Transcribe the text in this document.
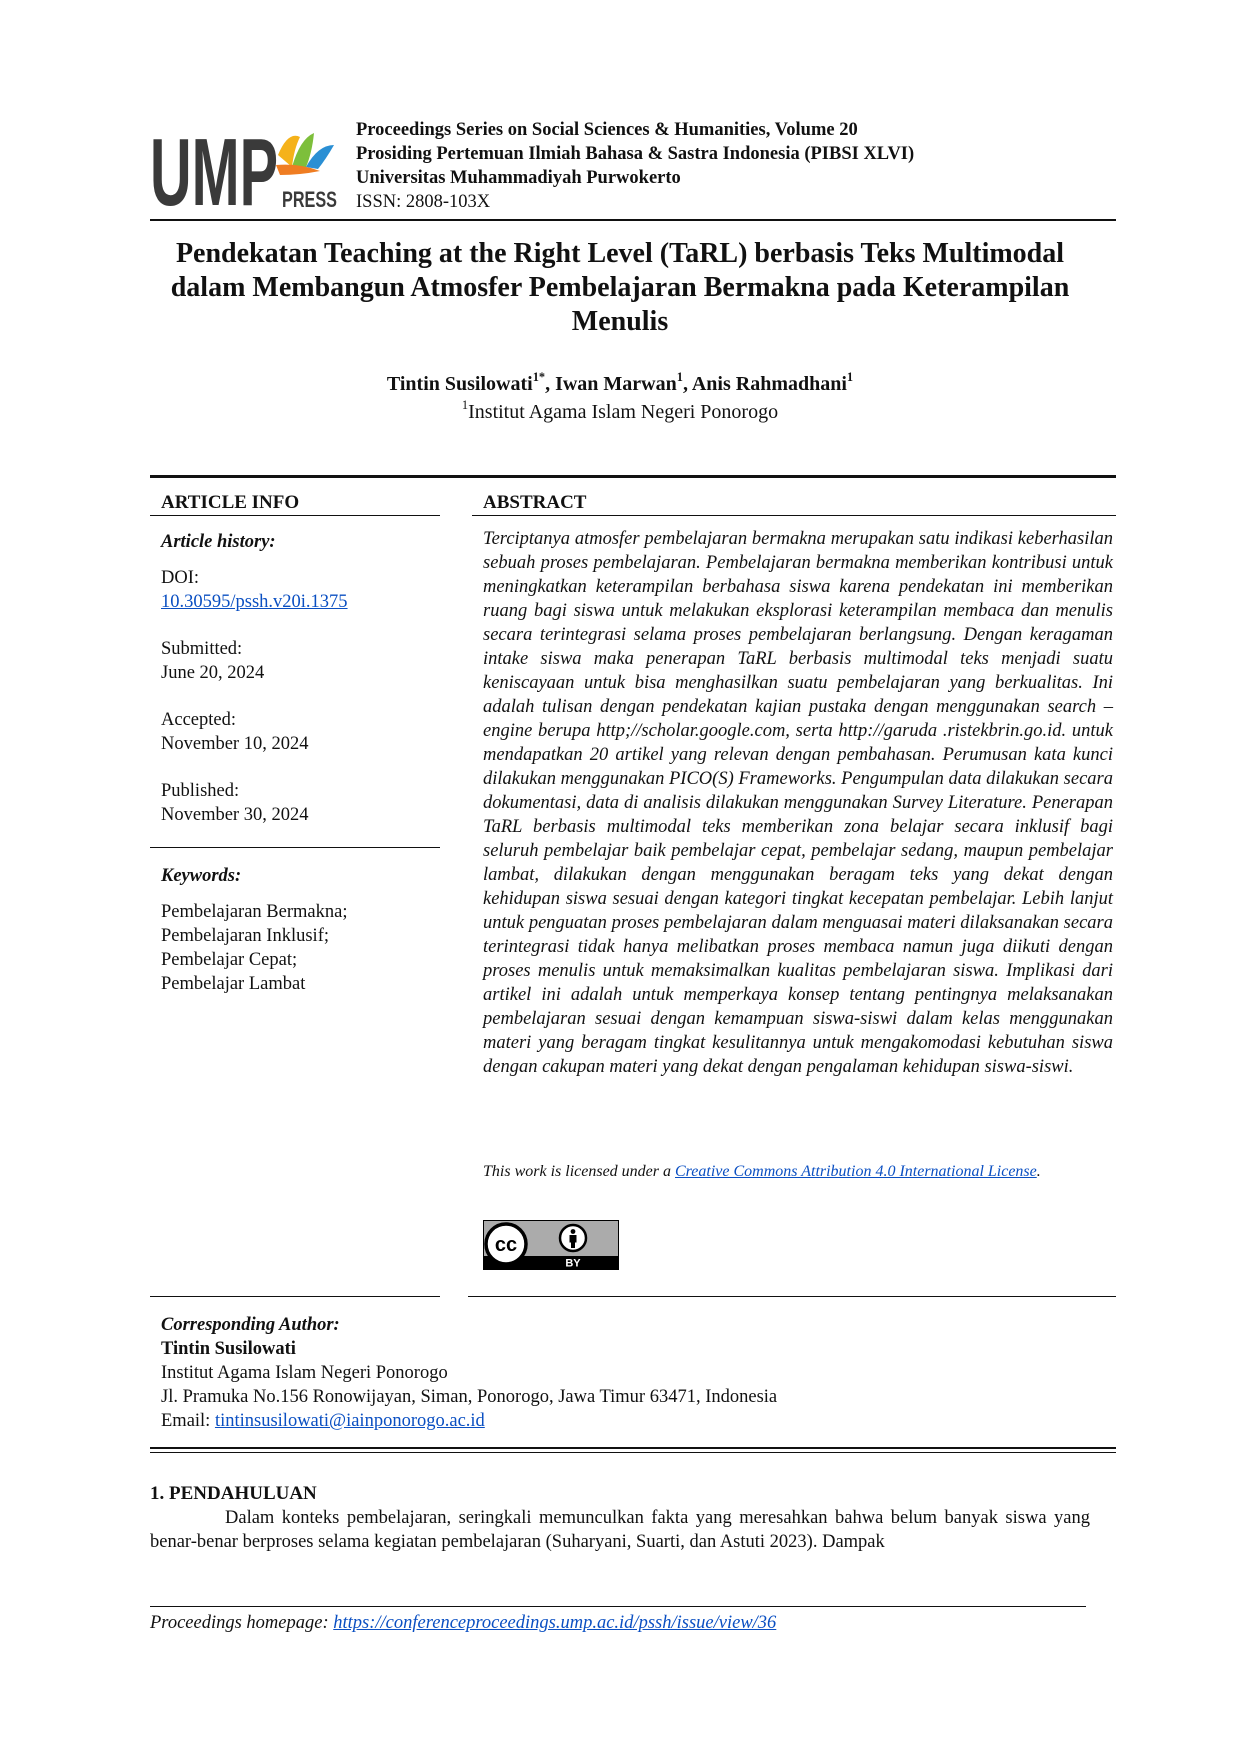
UMP PRESS
Proceedings Series on Social Sciences & Humanities, Volume 20
Prosiding Pertemuan Ilmiah Bahasa & Sastra Indonesia (PIBSI XLVI)
Universitas Muhammadiyah Purwokerto
ISSN: 2808-103X
Pendekatan Teaching at the Right Level (TaRL) berbasis Teks Multimodal
dalam Membangun Atmosfer Pembelajaran Bermakna pada Keterampilan
Menulis
Tintin Susilowati$^{1*}$, Iwan Marwan$^1$, Anis Rahmadhani$^1$
$^1$Institut Agama Islam Negeri Ponorogo
ARTICLE INFO	ABSTRACT
Article history:
DOI:
10.30595/pssh.v20i.1375
Submitted:
June 20, 2024
Accepted:
November 10, 2024
Published:
November 30, 2024
Keywords:
Pembelajaran Bermakna;
Pembelajaran Inklusif;
Pembelajar Cepat;
Pembelajar Lambat
Terciptanya atmosfer pembelajaran bermakna merupakan satu indikasi keberhasilan sebuah proses pembelajaran. Pembelajaran bermakna memberikan kontribusi untuk meningkatkan keterampilan berbahasa siswa karena pendekatan ini memberikan ruang bagi siswa untuk melakukan eksplorasi keterampilan membaca dan menulis secara terintegrasi selama proses pembelajaran berlangsung. Dengan keragaman intake siswa maka penerapan TaRL berbasis multimodal teks menjadi suatu keniscayaan untuk bisa menghasilkan suatu pembelajaran yang berkualitas. Ini adalah tulisan dengan pendekatan kajian pustaka dengan menggunakan search – engine berupa http;//scholar.google.com, serta http://garuda .ristekbrin.go.id. untuk mendapatkan 20 artikel yang relevan dengan pembahasan. Perumusan kata kunci dilakukan menggunakan PICO(S) Frameworks. Pengumpulan data dilakukan secara dokumentasi, data di analisis dilakukan menggunakan Survey Literature. Penerapan TaRL berbasis multimodal teks memberikan zona belajar secara inklusif bagi seluruh pembelajar baik pembelajar cepat, pembelajar sedang, maupun pembelajar lambat, dilakukan dengan menggunakan beragam teks yang dekat dengan kehidupan siswa sesuai dengan kategori tingkat kecepatan pembelajar. Lebih lanjut untuk penguatan proses pembelajaran dalam menguasai materi dilaksanakan secara terintegrasi tidak hanya melibatkan proses membaca namun juga diikuti dengan proses menulis untuk memaksimalkan kualitas pembelajaran siswa. Implikasi dari artikel ini adalah untuk memperkaya konsep tentang pentingnya melaksanakan pembelajaran sesuai dengan kemampuan siswa-siswi dalam kelas menggunakan materi yang beragam tingkat kesulitannya untuk mengakomodasi kebutuhan siswa dengan cakupan materi yang dekat dengan pengalaman kehidupan siswa-siswi.
This work is licensed under a Creative Commons Attribution 4.0 International License.
cc
BY
Corresponding Author:
Tintin Susilowati
Institut Agama Islam Negeri Ponorogo
Jl. Pramuka No.156 Ronowijayan, Siman, Ponorogo, Jawa Timur 63471, Indonesia
Email: tintinsusilowati@iainponorogo.ac.id
1. PENDAHULUAN
Dalam konteks pembelajaran, seringkali memunculkan fakta yang meresahkan bahwa belum banyak siswa yang benar-benar berproses selama kegiatan pembelajaran (Suharyani, Suarti, dan Astuti 2023). Dampak
Proceedings homepage: https://conferenceproceedings.ump.ac.id/pssh/issue/view/36
